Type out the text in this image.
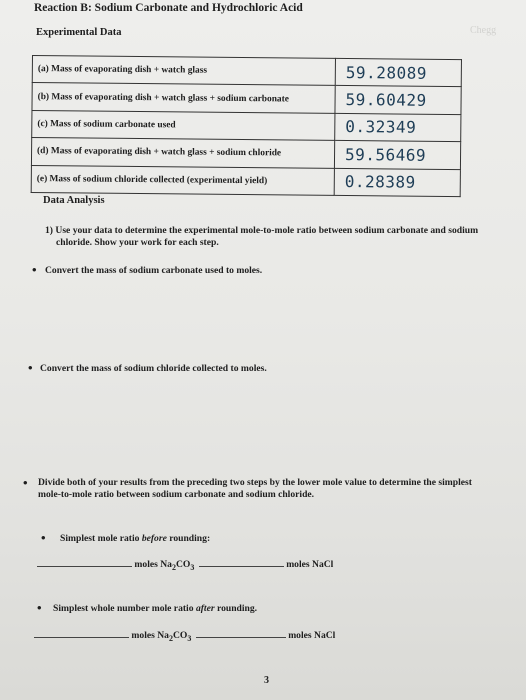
Reaction B: Sodium Carbonate and Hydrochloric Acid
Chegg
Experimental Data
(a) Mass of evaporating dish + watch glass	59.28089
(b) Mass of evaporating dish + watch glass + sodium carbonate	59.60429
(c) Mass of sodium carbonate used	0.32349
(d) Mass of evaporating dish + watch glass + sodium chloride	59.56469
(e) Mass of sodium chloride collected (experimental yield)	0.28389
Data Analysis
1) Use your data to determine the experimental mole-to-mole ratio between sodium carbonate and sodium
chloride. Show your work for each step.
• Convert the mass of sodium carbonate used to moles.
• Convert the mass of sodium chloride collected to moles.
• Divide both of your results from the preceding two steps by the lower mole value to determine the simplest
mole-to-mole ratio between sodium carbonate and sodium chloride.
• Simplest mole ratio before rounding:
moles $Na_2CO_3$	moles NaCl
• Simplest whole number mole ratio after rounding.
moles $Na_2CO_3$	moles NaCl
3
